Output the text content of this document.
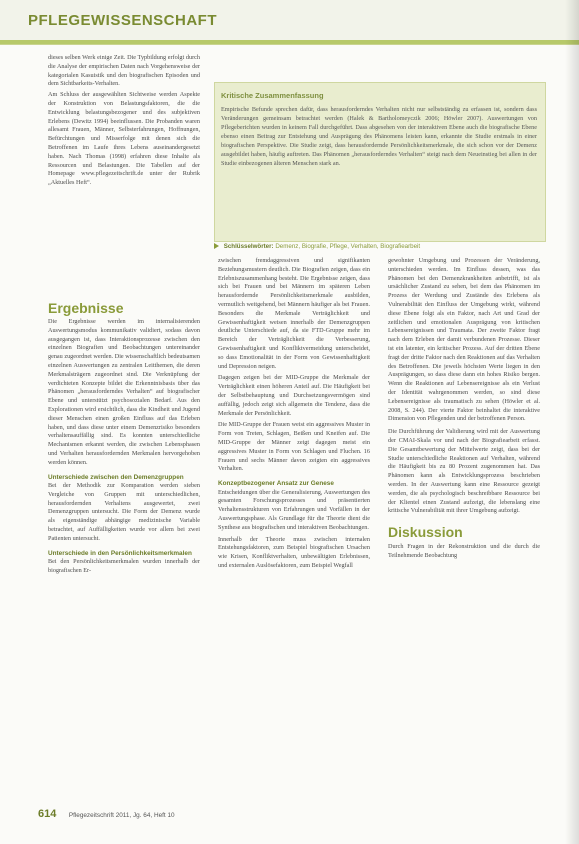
PFLEGEWISSENSCHAFT

dieses selben Werk einige Zeit. Die Typbildung erfolgt durch die Analyse der empirischen Daten nach Vorgehensweise der kategorialen Kasuistik und den biografischen Episoden und dem Sichtbarkeits-Verhalten.

Am Schluss der ausgewählten Sichtweise werden Aspekte der Konstruktion von Belastungsfaktoren, die die Entwicklung belastungsbezogener und des subjektiven Erlebens (Dewitz 1994) beeinflussen. Die Probanden waren allesamt Frauen, Männer, Selbsterfahrungen, Hoffnungen, Befürchtungen und Misserfolge mit denen sich die Betroffenen im Laufe ihres Lebens auseinandergesetzt haben. Nach Thomas (1998) erfahren diese Inhalte als Ressourcen und Belastungen. Die Tabellen auf der Homepage www.pflegezeitschrift.de unter der Rubrik „Aktuelles Heft“.

Ergebnisse

Die Ergebnisse werden im internalisierenden Auswertungsmodus kommunikativ validiert, sodass davon ausgegangen ist, dass Interaktionsprozesse zwischen den einzelnen Biografien und Beobachtungen untereinander genau zugeordnet werden. Die wissenschaftlich bedeutsamen einzelnen Auswertungen zu zentralen Leitthemen, die deren Merkmalsträgern zugeordnet sind. Die Verknüpfung der verdichteten Konzepte bildet die Erkenntnisbasis über das Phänomen „herausforderndes Verhalten“ auf biografischer Ebene und unterstützt psychosozialen Bedarf. Aus den Explorationen wird ersichtlich, dass die Kindheit und Jugend dieser Menschen einen großen Einfluss auf das Erleben haben, und dass diese unter einem Demenzrisiko besonders verhaltensauffällig sind. Es konnten unterschiedliche Mechanismen erkannt werden, die zwischen Lebensphasen und Verhalten herausfordernden Merkmalen hervorgehoben werden können.

Unterschiede zwischen den Demenzgruppen

Bei der Methodik zur Komparation werden sieben Vergleiche von Gruppen mit unterschiedlichen, herausfordernden Verhaltens ausgewertet, zwei Demenzgruppen untersucht. Die Form der Demenz wurde als eigenständige abhängige medizinische Variable betrachtet, auf Auffälligkeiten wurde vor allem bei zwei Patienten untersucht.

Unterschiede in den Persönlichkeitsmerkmalen

Bei den Persönlichkeitsmerkmalen wurden innerhalb der biografischen Er-

Kritische Zusammenfassung
Empirische Befunde sprechen dafür, dass herausforderndes Verhalten nicht nur selbstständig zu erfassen ist, sondern dass Veränderungen gemeinsam betrachtet werden (Halek & Bartholomeyczik 2006; Höwler 2007). Auswertungen von Pflegeberichten wurden in keinem Fall durchgeführt. Dass abgesehen von der interaktiven Ebene auch die biografische Ebene ebenso einen Beitrag zur Entstehung und Ausprägung des Phänomens leisten kann, erkannte die Studie erstmals in einer biografischen Perspektive. Die Studie zeigt, dass herausfordernde Persönlichkeitsmerkmale, die sich schon vor der Demenz ausgebildet haben, häufig auftreten. Das Phänomen „herausforderndes Verhalten“ steigt nach dem Neueinstieg bei allen in der Studie einbezogenen älteren Menschen stark an.
Schlüsselwörter: Demenz, Biografie, Pflege, Verhalten, Biografiearbeit

zwischen fremdaggressiven und signifikanten Beziehungsmustern deutlich. Die Biografien zeigen, dass ein Erlebniszusammenhang besteht. Die Ergebnisse zeigen, dass sich bei Frauen und bei Männern im späteren Leben herausfordernde Persönlichkeitsmerkmale ausbilden, vermutlich weitgehend, bei Männern häufiger als bei Frauen. Besonders die Merkmale Verträglichkeit und Gewissenhaftigkeit weisen innerhalb der Demenzgruppen deutliche Unterschiede auf, da sie FTD-Gruppe mehr im Bereich der Verträglichkeit die Verbesserung, Gewissenhaftigkeit und Konfliktvermeidung unterscheidet, so dass Emotionalität in der Form von Gewissenhaftigkeit und Depression neigen.

Dagegen zeigen bei der MID-Gruppe die Merkmale der Verträglichkeit einen höheren Anteil auf. Die Häufigkeit bei der Selbstbehauptung und Durchsetzungsvermögen sind auffällig, jedoch zeigt sich allgemein die Tendenz, dass die Merkmale der Persönlichkeit.

Die MID-Gruppe der Frauen weist ein aggressives Muster in Form von Treten, Schlagen, Beißen und Kneifen auf. Die MID-Gruppe der Männer zeigt dagegen meist ein aggressives Muster in Form von Schlagen und Fluchen. 16 Frauen und sechs Männer davon zeigten ein aggressives Verhalten.

Konzeptbezogener Ansatz zur Genese

Entscheidungen über die Generalisierung, Auswertungen des gesamten Forschungsprozesses und präsentierten Verhaltensstrukturen von Erfahrungen und Vorfällen in der Auswertungsphase. Als Grundlage für die Theorie dient die Synthese aus biografischen und interaktiven Beobachtungen.

Innerhalb der Theorie muss zwischen internalen Entstehungsfaktoren, zum Beispiel biografischen Ursachen wie Krisen, Konfliktverhalten, unbewältigten Erlebnissen, und externalen Auslösefaktoren, zum Beispiel Wegfall

gewohnter Umgebung und Prozessen der Veränderung, unterschieden werden. Im Einfluss dessen, was das Phänomen bei den Demenzkrankheiten anbetrifft, ist als ursächlicher Zustand zu sehen, bei dem das Phänomen im Prozess der Werdung und Zustände des Erlebens als Vulnerabilität den Einfluss der Umgebung wirkt, während diese Ebene folgt als ein Faktor, nach Art und Grad der zeitlichen und emotionalen Ausprägung von kritischen Lebensereignissen und Traumata. Der zweite Faktor fragt nach dem Erleben der damit verbundenen Prozesse. Dieser ist ein latenter, ein kritischer Prozess. Auf der dritten Ebene fragt der dritte Faktor nach den Reaktionen auf das Verhalten des Betroffenen. Die jeweils höchsten Werte liegen in den Ausprägungen, so dass diese dann ein hohes Risiko bergen. Wenn die Reaktionen auf Lebensereignisse als ein Verlust der Identität wahrgenommen werden, so sind diese Lebensereignisse als traumatisch zu sehen (Höwler et al. 2008, S. 244). Der vierte Faktor beinhaltet die interaktive Dimension von Pflegenden und der betroffenen Person.

Die Durchführung der Validierung wird mit der Auswertung der CMAI-Skala vor und nach der Biografiearbeit erfasst. Die Gesamtbewertung der Mittelwerte zeigt, dass bei der Studie unterschiedliche Reaktionen auf Verhalten, während die Häufigkeit bis zu 80 Prozent zugenommen hat. Das Phänomen kann als Entwicklungsprozess beschrieben werden. In der Auswertung kann eine Ressource gezeigt werden, die als psychologisch beschreibbare Ressource bei der Klientel einen Zustand aufzeigt, die lebenslang eine kritische Vulnerabilität mit ihrer Umgebung aufzeigt.

Diskussion

Durch Fragen in der Rekonstruktion und die durch die Teilnehmende Beobachtung

614 Pflegezeitschrift 2011, Jg. 64, Heft 10
